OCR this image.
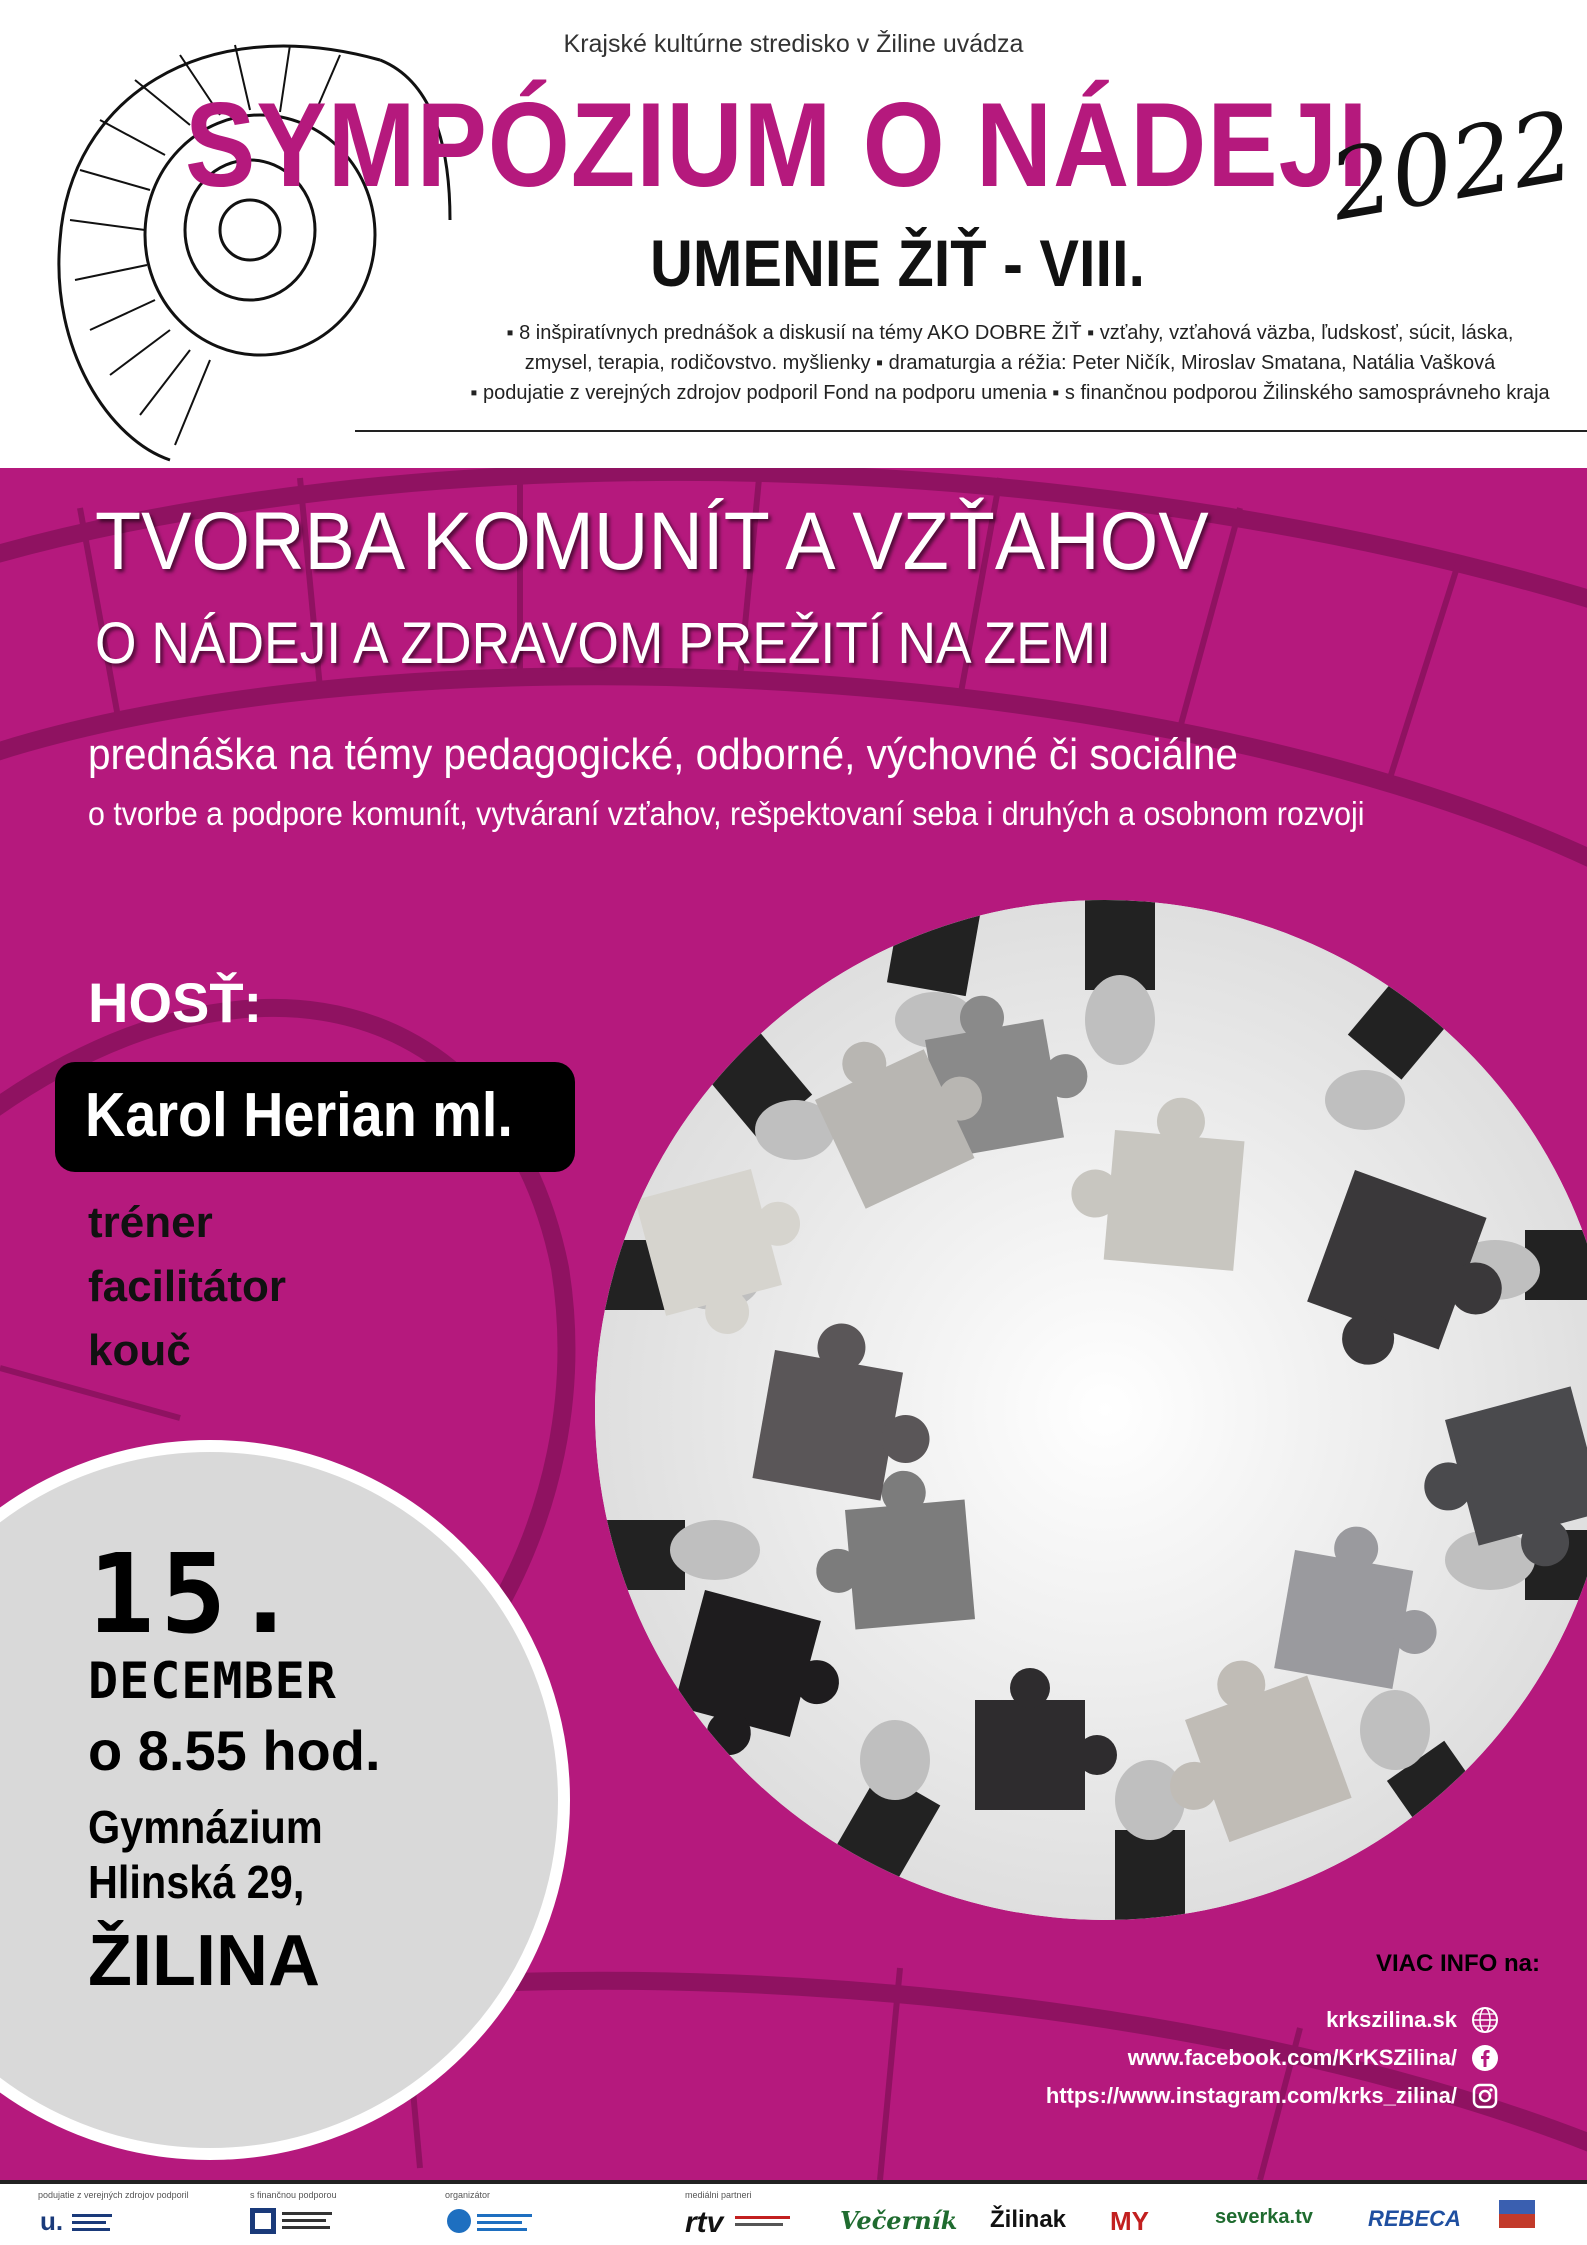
Krajské kultúrne stredisko v Žiline uvádza
SYMPÓZIUM O NÁDEJI
2022
UMENIE ŽIŤ - VIII.
▪ 8 inšpiratívnych prednášok a diskusií na témy AKO DOBRE ŽIŤ ▪ vzťahy, vzťahová väzba, ľudskosť, súcit, láska,
zmysel, terapia, rodičovstvo. myšlienky ▪ dramaturgia a réžia: Peter Ničík, Miroslav Smatana, Natália Vašková
▪ podujatie z verejných zdrojov podporil Fond na podporu umenia ▪ s finančnou podporou Žilinského samosprávneho kraja
TVORBA KOMUNÍT A VZŤAHOV
O NÁDEJI A ZDRAVOM PREŽITÍ NA ZEMI
prednáška na témy pedagogické, odborné, výchovné či sociálne
o tvorbe a podpore komunít, vytváraní vzťahov, rešpektovaní seba i druhých a osobnom rozvoji
HOSŤ:
Karol Herian ml.
tréner
facilitátor
kouč
15.
DECEMBER
o 8.55 hod.
Gymnázium
Hlinská 29,
ŽILINA	VIAC INFO na:
krkszilina.sk
www.facebook.com/KrKSZilina/
https://www.instagram.com/krks_zilina/
podujatie z verejných zdrojov podporil	s finančnou podporou	organizátor	mediálni partneri
u.	rtv	Večerník Žilinak MY	severka.tv	REBECA
